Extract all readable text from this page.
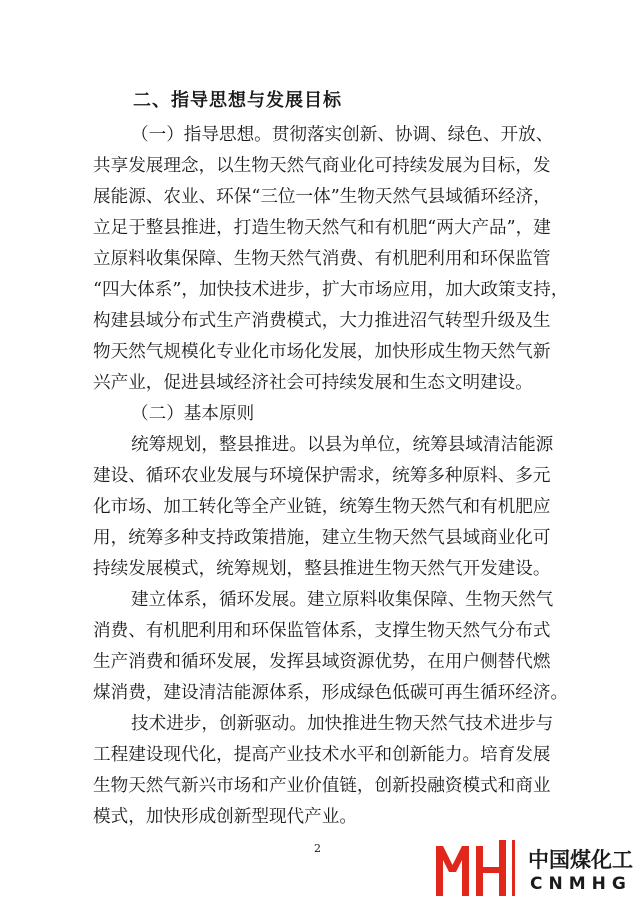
二、指导思想与发展目标
（一）指导思想。贯彻落实创新、协调、绿色、开放、
共享发展理念，以生物天然气商业化可持续发展为目标，发
展能源、农业、环保“三位一体”生物天然气县域循环经济，
立足于整县推进，打造生物天然气和有机肥“两大产品”，建
立原料收集保障、生物天然气消费、有机肥利用和环保监管
“四大体系”，加快技术进步，扩大市场应用，加大政策支持，
构建县域分布式生产消费模式，大力推进沼气转型升级及生
物天然气规模化专业化市场化发展，加快形成生物天然气新
兴产业，促进县域经济社会可持续发展和生态文明建设。
（二）基本原则
统筹规划，整县推进。以县为单位，统筹县域清洁能源
建设、循环农业发展与环境保护需求，统筹多种原料、多元
化市场、加工转化等全产业链，统筹生物天然气和有机肥应
用，统筹多种支持政策措施，建立生物天然气县域商业化可
持续发展模式，统筹规划，整县推进生物天然气开发建设。
建立体系，循环发展。建立原料收集保障、生物天然气
消费、有机肥利用和环保监管体系，支撑生物天然气分布式
生产消费和循环发展，发挥县域资源优势，在用户侧替代燃
煤消费，建设清洁能源体系，形成绿色低碳可再生循环经济。
技术进步，创新驱动。加快推进生物天然气技术进步与
工程建设现代化，提高产业技术水平和创新能力。培育发展
生物天然气新兴市场和产业价值链，创新投融资模式和商业
模式，加快形成创新型现代产业。
2	中国煤化工
CNMHG
